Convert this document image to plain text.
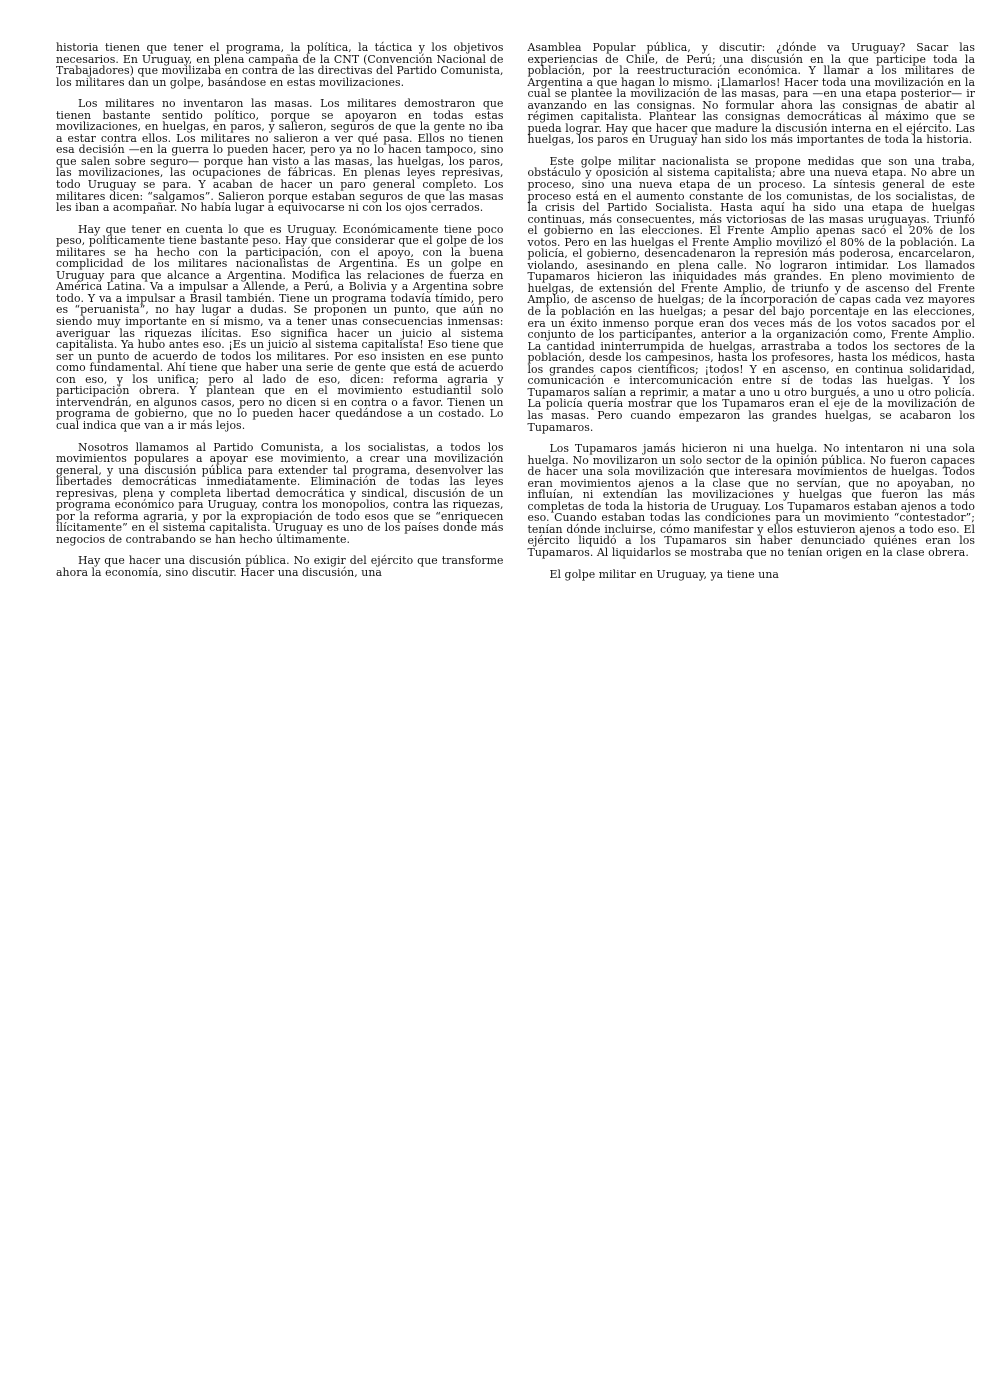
historia tienen que tener el programa, la política, la táctica y los objetivos necesarios. En Uruguay, en plena campaña de la CNT (Convención Nacional de Trabajadores) que movilizaba en contra de las directivas del Partido Comunista, los militares dan un golpe, basándose en estas movilizaciones.

Los militares no inventaron las masas. Los militares demostraron que tienen bastante sentido político, porque se apoyaron en todas estas movilizaciones, en huelgas, en paros, y salieron, seguros de que la gente no iba a estar contra ellos. Los militares no salieron a ver qué pasa. Ellos no tienen esa decisión —en la guerra lo pueden hacer, pero ya no lo hacen tampoco, sino que salen sobre seguro— porque han visto a las masas, las huelgas, los paros, las movilizaciones, las ocupaciones de fábricas. En plenas leyes represivas, todo Uruguay se para. Y acaban de hacer un paro general completo. Los militares dicen: “salgamos”. Salieron porque estaban seguros de que las masas les iban a acompañar. No había lugar a equivocarse ni con los ojos cerrados.

Hay que tener en cuenta lo que es Uruguay. Económicamente tiene poco peso, políticamente tiene bastante peso. Hay que considerar que el golpe de los militares se ha hecho con la participación, con el apoyo, con la buena complicidad de los militares nacionalistas de Argentina. Es un golpe en Uruguay para que alcance a Argentina. Modifica las relaciones de fuerza en América Latina. Va a impulsar a Allende, a Perú, a Bolivia y a Argentina sobre todo. Y va a impulsar a Brasil también. Tiene un programa todavía tímido, pero es “peruanista”, no hay lugar a dudas. Se proponen un punto, que aún no siendo muy importante en sí mismo, va a tener unas consecuencias inmensas: averiguar las riquezas ilícitas. Eso significa hacer un juicio al sistema capitalista. Ya hubo antes eso. ¡Es un juicio al sistema capitalista! Eso tiene que ser un punto de acuerdo de todos los militares. Por eso insisten en ese punto como fundamental. Ahí tiene que haber una serie de gente que está de acuerdo con eso, y los unifica; pero al lado de eso, dicen: reforma agraria y participación obrera. Y plantean que en el movimiento estudiantil solo intervendrán, en algunos casos, pero no dicen si en contra o a favor. Tienen un programa de gobierno, que no lo pueden hacer quedándose a un costado. Lo cual indica que van a ir más lejos.

Nosotros llamamos al Partido Comunista, a los socialistas, a todos los movimientos populares a apoyar ese movimiento, a crear una movilización general, y una discusión pública para extender tal programa, desenvolver las libertades democráticas inmediatamente. Eliminación de todas las leyes represivas, plena y completa libertad democrática y sindical, discusión de un programa económico para Uruguay, contra los monopolios, contra las riquezas, por la reforma agraria, y por la expropiación de todo esos que se “enriquecen ilícitamente” en el sistema capitalista. Uruguay es uno de los países donde más negocios de contrabando se han hecho últimamente.

Hay que hacer una discusión pública. No exigir del ejército que transforme ahora la economía, sino discutir. Hacer una discusión, una

Asamblea Popular pública, y discutir: ¿dónde va Uruguay? Sacar las experiencias de Chile, de Perú; una discusión en la que participe toda la población, por la reestructuración económica. Y llamar a los militares de Argentina a que hagan lo mismo. ¡Llamarlos! Hacer toda una movilización en la cual se plantee la movilización de las masas, para —en una etapa posterior— ir avanzando en las consignas. No formular ahora las consignas de abatir al régimen capitalista. Plantear las consignas democráticas al máximo que se pueda lograr. Hay que hacer que madure la discusión interna en el ejército. Las huelgas, los paros en Uruguay han sido los más importantes de toda la historia.

Este golpe militar nacionalista se propone medidas que son una traba, obstáculo y oposición al sistema capitalista; abre una nueva etapa. No abre un proceso, sino una nueva etapa de un proceso. La síntesis general de este proceso está en el aumento constante de los comunistas, de los socialistas, de la crisis del Partido Socialista. Hasta aquí ha sido una etapa de huelgas continuas, más consecuentes, más victoriosas de las masas uruguayas. Triunfó el gobierno en las elecciones. El Frente Amplio apenas sacó el 20% de los votos. Pero en las huelgas el Frente Amplio movilizó el 80% de la población. La policía, el gobierno, desencadenaron la represión más poderosa, encarcelaron, violando, asesinando en plena calle. No lograron intimidar. Los llamados Tupamaros hicieron las iniquidades más grandes. En pleno movimiento de huelgas, de extensión del Frente Amplio, de triunfo y de ascenso del Frente Amplio, de ascenso de huelgas; de la incorporación de capas cada vez mayores de la población en las huelgas; a pesar del bajo porcentaje en las elecciones, era un éxito inmenso porque eran dos veces más de los votos sacados por el conjunto de los participantes, anterior a la organización como, Frente Amplio. La cantidad ininterrumpida de huelgas, arrastraba a todos los sectores de la población, desde los campesinos, hasta los profesores, hasta los médicos, hasta los grandes capos científicos; ¡todos! Y en ascenso, en continua solidaridad, comunicación e intercomunicación entre sí de todas las huelgas. Y los Tupamaros salían a reprimir, a matar a uno u otro burgués, a uno u otro policía. La policía quería mostrar que los Tupamaros eran el eje de la movilización de las masas. Pero cuando empezaron las grandes huelgas, se acabaron los Tupamaros.

Los Tupamaros jamás hicieron ni una huelga. No intentaron ni una sola huelga. No movilizaron un solo sector de la opinión pública. No fueron capaces de hacer una sola movilización que interesara movimientos de huelgas. Todos eran movimientos ajenos a la clase que no servían, que no apoyaban, no influían, ni extendían las movilizaciones y huelgas que fueron las más completas de toda la historia de Uruguay. Los Tupamaros estaban ajenos a todo eso. Cuando estaban todas las condiciones para un movimiento “contestador”; tenían dónde incluirse, cómo manifestar y ellos estuvieron ajenos a todo eso. El ejército liquidó a los Tupamaros sin haber denunciado quiénes eran los Tupamaros. Al liquidarlos se mostraba que no tenían origen en la clase obrera.

El golpe militar en Uruguay, ya tiene una
